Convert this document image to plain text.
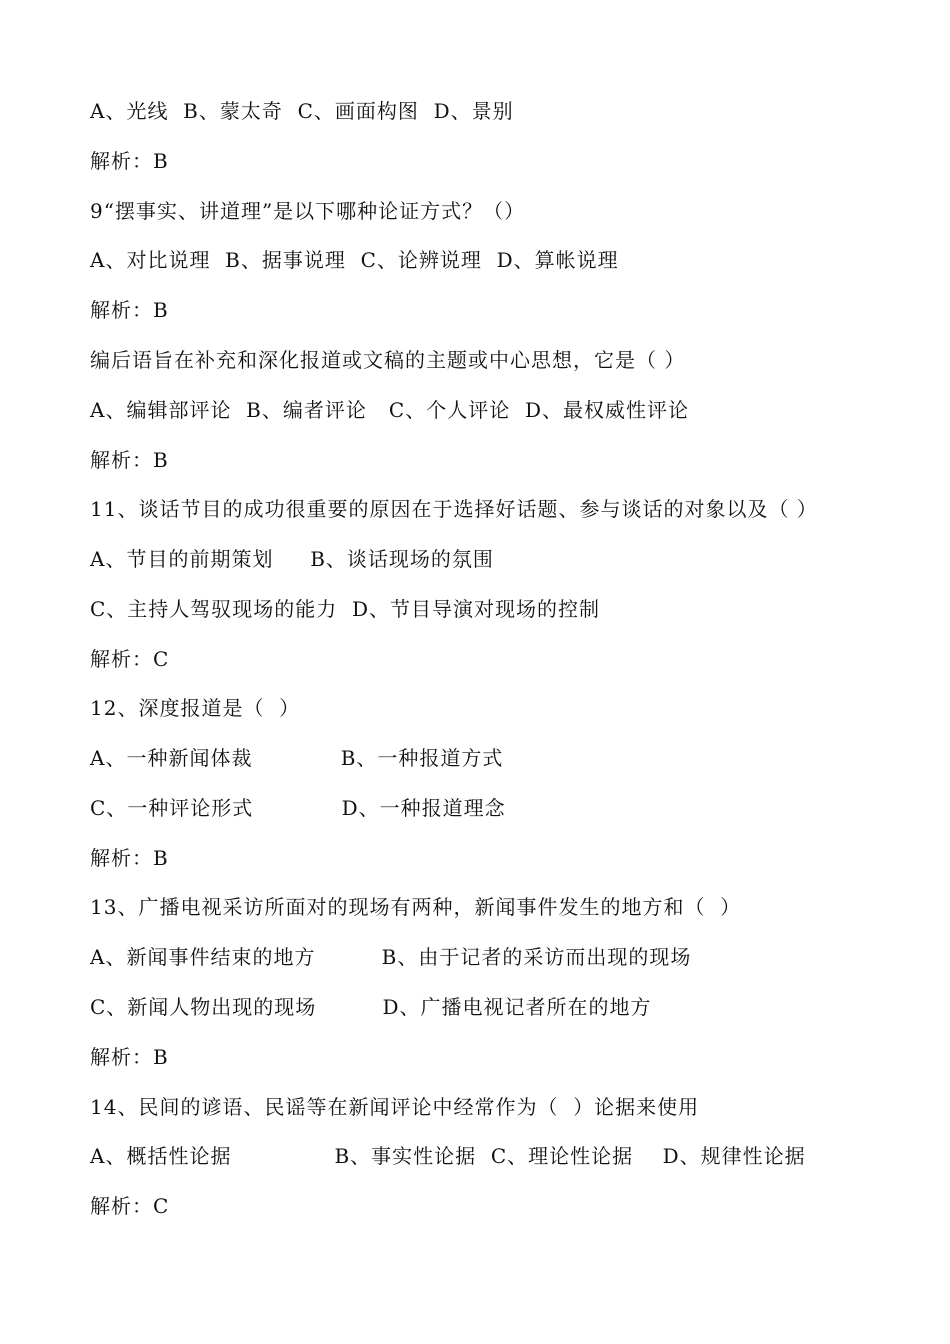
A、光线  B、蒙太奇  C、画面构图  D、景别
解析：B
9“摆事实、讲道理”是以下哪种论证方式？（）
A、对比说理  B、据事说理  C、论辨说理  D、算帐说理
解析：B
编后语旨在补充和深化报道或文稿的主题或中心思想，它是（ ）
A、编辑部评论  B、编者评论   C、个人评论  D、最权威性评论
解析：B
11、谈话节目的成功很重要的原因在于选择好话题、参与谈话的对象以及（ ）
A、节目的前期策划     B、谈话现场的氛围
C、主持人驾驭现场的能力  D、节目导演对现场的控制
解析：C
12、深度报道是（  ）
A、一种新闻体裁            B、一种报道方式
C、一种评论形式            D、一种报道理念
解析：B
13、广播电视采访所面对的现场有两种，新闻事件发生的地方和（  ）
A、新闻事件结束的地方         B、由于记者的采访而出现的现场
C、新闻人物出现的现场         D、广播电视记者所在的地方
解析：B
14、民间的谚语、民谣等在新闻评论中经常作为（  ）论据来使用
A、概括性论据              B、事实性论据  C、理论性论据    D、规律性论据
解析：C
